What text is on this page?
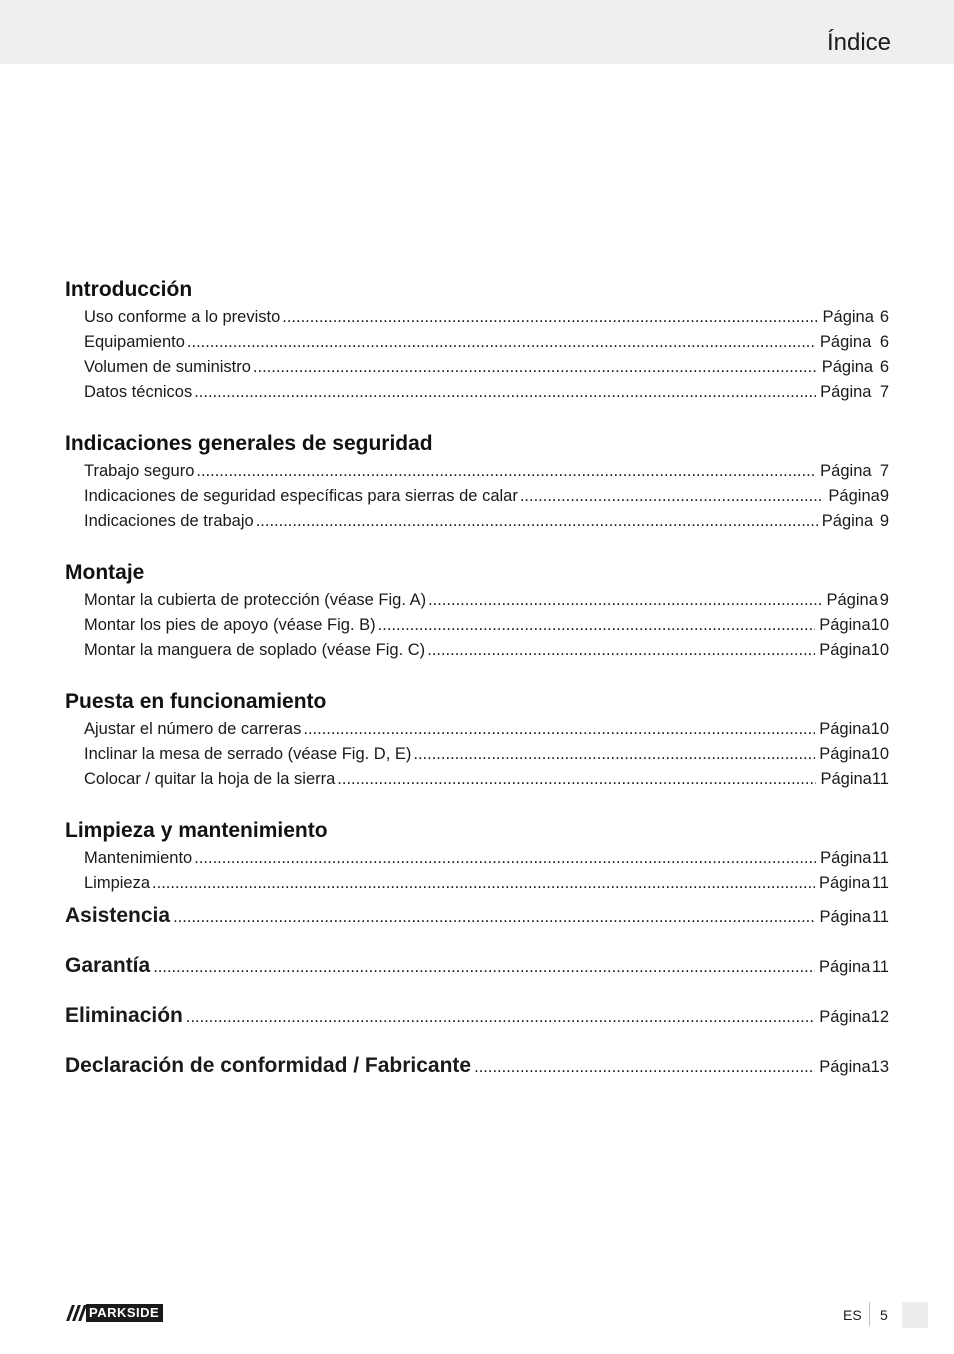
Índice
Introducción
Uso conforme a lo previsto .....	Página 6
Equipamiento .....	Página 6
Volumen de suministro .....	Página 6
Datos técnicos .....	Página 7
Indicaciones generales de seguridad
Trabajo seguro .....	Página 7
Indicaciones de seguridad específicas para sierras de calar .....	Página 9
Indicaciones de trabajo .....	Página 9
Montaje
Montar la cubierta de protección (véase Fig. A) .....	Página 9
Montar los pies de apoyo (véase Fig. B) .....	Página 10
Montar la manguera de soplado (véase Fig. C) .....	Página 10
Puesta en funcionamiento
Ajustar el número de carreras .....	Página 10
Inclinar la mesa de serrado (véase Fig. D, E) .....	Página 10
Colocar / quitar la hoja de la sierra .....	Página 11
Limpieza y mantenimiento
Mantenimiento .....	Página 11
Limpieza .....	Página 11
Asistencia .....	Página 11
Garantía .....	Página 11
Eliminación .....	Página 12
Declaración de conformidad / Fabricante .....	Página 13
PARKSIDE	ES 5
